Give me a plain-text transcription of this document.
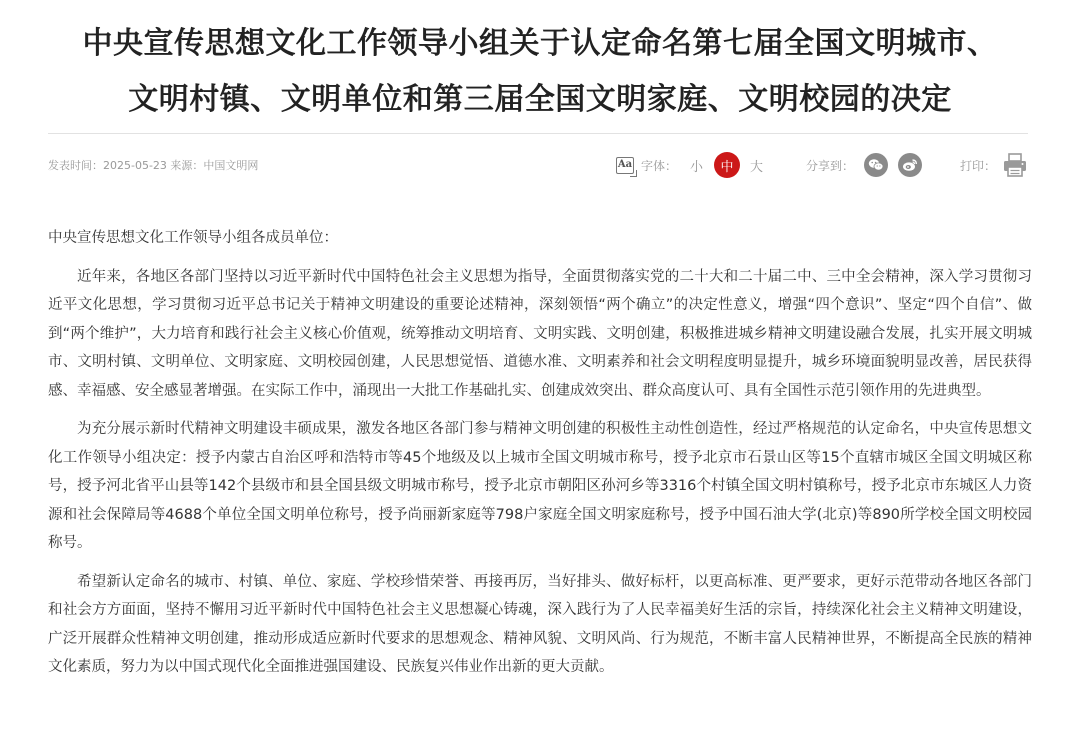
中央宣传思想文化工作领导小组关于认定命名第七届全国文明城市、
文明村镇、文明单位和第三届全国文明家庭、文明校园的决定
发表时间：2025-05-23 来源：中国文明网	Aa 字体： 小	中	大	分享到：	打印：

中央宣传思想文化工作领导小组各成员单位：

近年来，各地区各部门坚持以习近平新时代中国特色社会主义思想为指导，全面贯彻落实党的二十大和二十届二中、三中全会精神，深入学习贯彻习近平文化思想，学习贯彻习近平总书记关于精神文明建设的重要论述精神，深刻领悟“两个确立”的决定性意义，增强“四个意识”、坚定“四个自信”、做到“两个维护”，大力培育和践行社会主义核心价值观，统筹推动文明培育、文明实践、文明创建，积极推进城乡精神文明建设融合发展，扎实开展文明城市、文明村镇、文明单位、文明家庭、文明校园创建，人民思想觉悟、道德水准、文明素养和社会文明程度明显提升，城乡环境面貌明显改善，居民获得感、幸福感、安全感显著增强。在实际工作中，涌现出一大批工作基础扎实、创建成效突出、群众高度认可、具有全国性示范引领作用的先进典型。

为充分展示新时代精神文明建设丰硕成果，激发各地区各部门参与精神文明创建的积极性主动性创造性，经过严格规范的认定命名，中央宣传思想文化工作领导小组决定：授予内蒙古自治区呼和浩特市等45个地级及以上城市全国文明城市称号，授予北京市石景山区等15个直辖市城区全国文明城区称号，授予河北省平山县等142个县级市和县全国县级文明城市称号，授予北京市朝阳区孙河乡等3316个村镇全国文明村镇称号，授予北京市东城区人力资源和社会保障局等4688个单位全国文明单位称号，授予尚丽新家庭等798户家庭全国文明家庭称号，授予中国石油大学(北京)等890所学校全国文明校园称号。

希望新认定命名的城市、村镇、单位、家庭、学校珍惜荣誉、再接再厉，当好排头、做好标杆，以更高标准、更严要求，更好示范带动各地区各部门和社会方方面面，坚持不懈用习近平新时代中国特色社会主义思想凝心铸魂，深入践行为了人民幸福美好生活的宗旨，持续深化社会主义精神文明建设，广泛开展群众性精神文明创建，推动形成适应新时代要求的思想观念、精神风貌、文明风尚、行为规范，不断丰富人民精神世界，不断提高全民族的精神文化素质，努力为以中国式现代化全面推进强国建设、民族复兴伟业作出新的更大贡献。
